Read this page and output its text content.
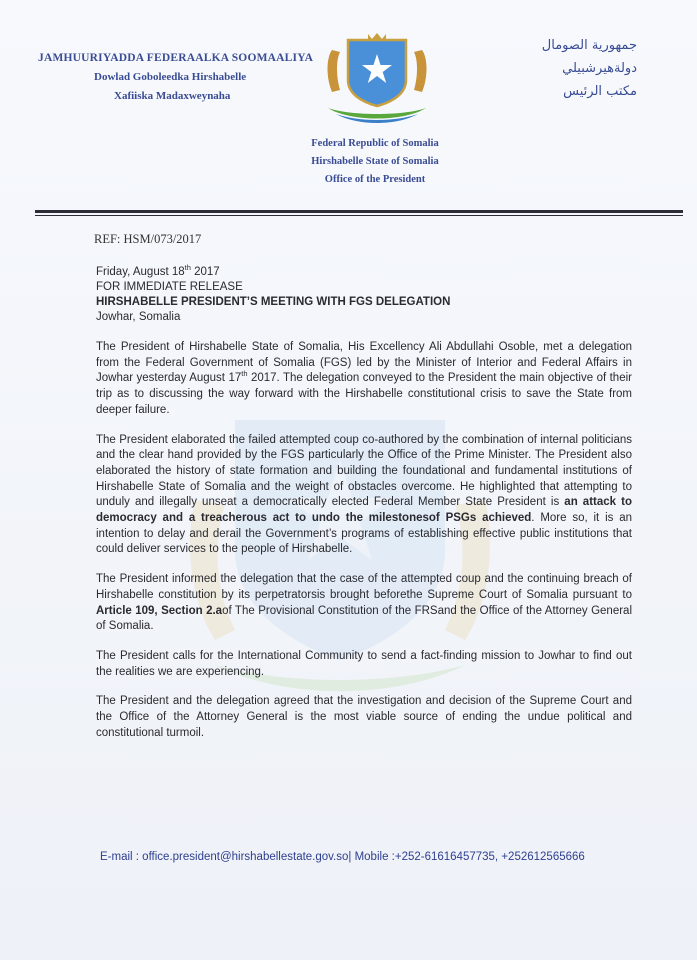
JAMHUURIYADDA FEDERAALKA SOOMAALIYA
Dowlad Goboleedka Hirshabelle
Xafiiska Madaxweynaha
جمهورية الصومال
دولةهيرشبيلي
مكتب الرئيس
Federal Republic of Somalia
Hirshabelle State of Somalia
Office of the President
REF: HSM/073/2017
Friday, August 18th 2017
FOR IMMEDIATE RELEASE
HIRSHABELLE PRESIDENT’S MEETING WITH FGS DELEGATION
Jowhar, Somalia

The President of Hirshabelle State of Somalia, His Excellency Ali Abdullahi Osoble, met a delegation from the Federal Government of Somalia (FGS) led by the Minister of Interior and Federal Affairs in Jowhar yesterday August 17th 2017. The delegation conveyed to the President the main objective of their trip as to discussing the way forward with the Hirshabelle constitutional crisis to save the State from deeper failure.

The President elaborated the failed attempted coup co-authored by the combination of internal politicians and the clear hand provided by the FGS particularly the Office of the Prime Minister. The President also elaborated the history of state formation and building the foundational and fundamental institutions of Hirshabelle State of Somalia and the weight of obstacles overcome. He highlighted that attempting to unduly and illegally unseat a democratically elected Federal Member State President is an attack to democracy and a treacherous act to undo the milestonesof PSGs achieved. More so, it is an intention to delay and derail the Government’s programs of establishing effective public institutions that could deliver services to the people of Hirshabelle.

The President informed the delegation that the case of the attempted coup and the continuing breach of Hirshabelle constitution by its perpetratorsis brought beforethe Supreme Court of Somalia pursuant to Article 109, Section 2.aof The Provisional Constitution of the FRSand the Office of the Attorney General of Somalia.

The President calls for the International Community to send a fact-finding mission to Jowhar to find out the realities we are experiencing.

The President and the delegation agreed that the investigation and decision of the Supreme Court and the Office of the Attorney General is the most viable source of ending the undue political and constitutional turmoil.

E-mail : office.president@hirshabellestate.gov.so| Mobile :+252-61616457735, +252612565666
